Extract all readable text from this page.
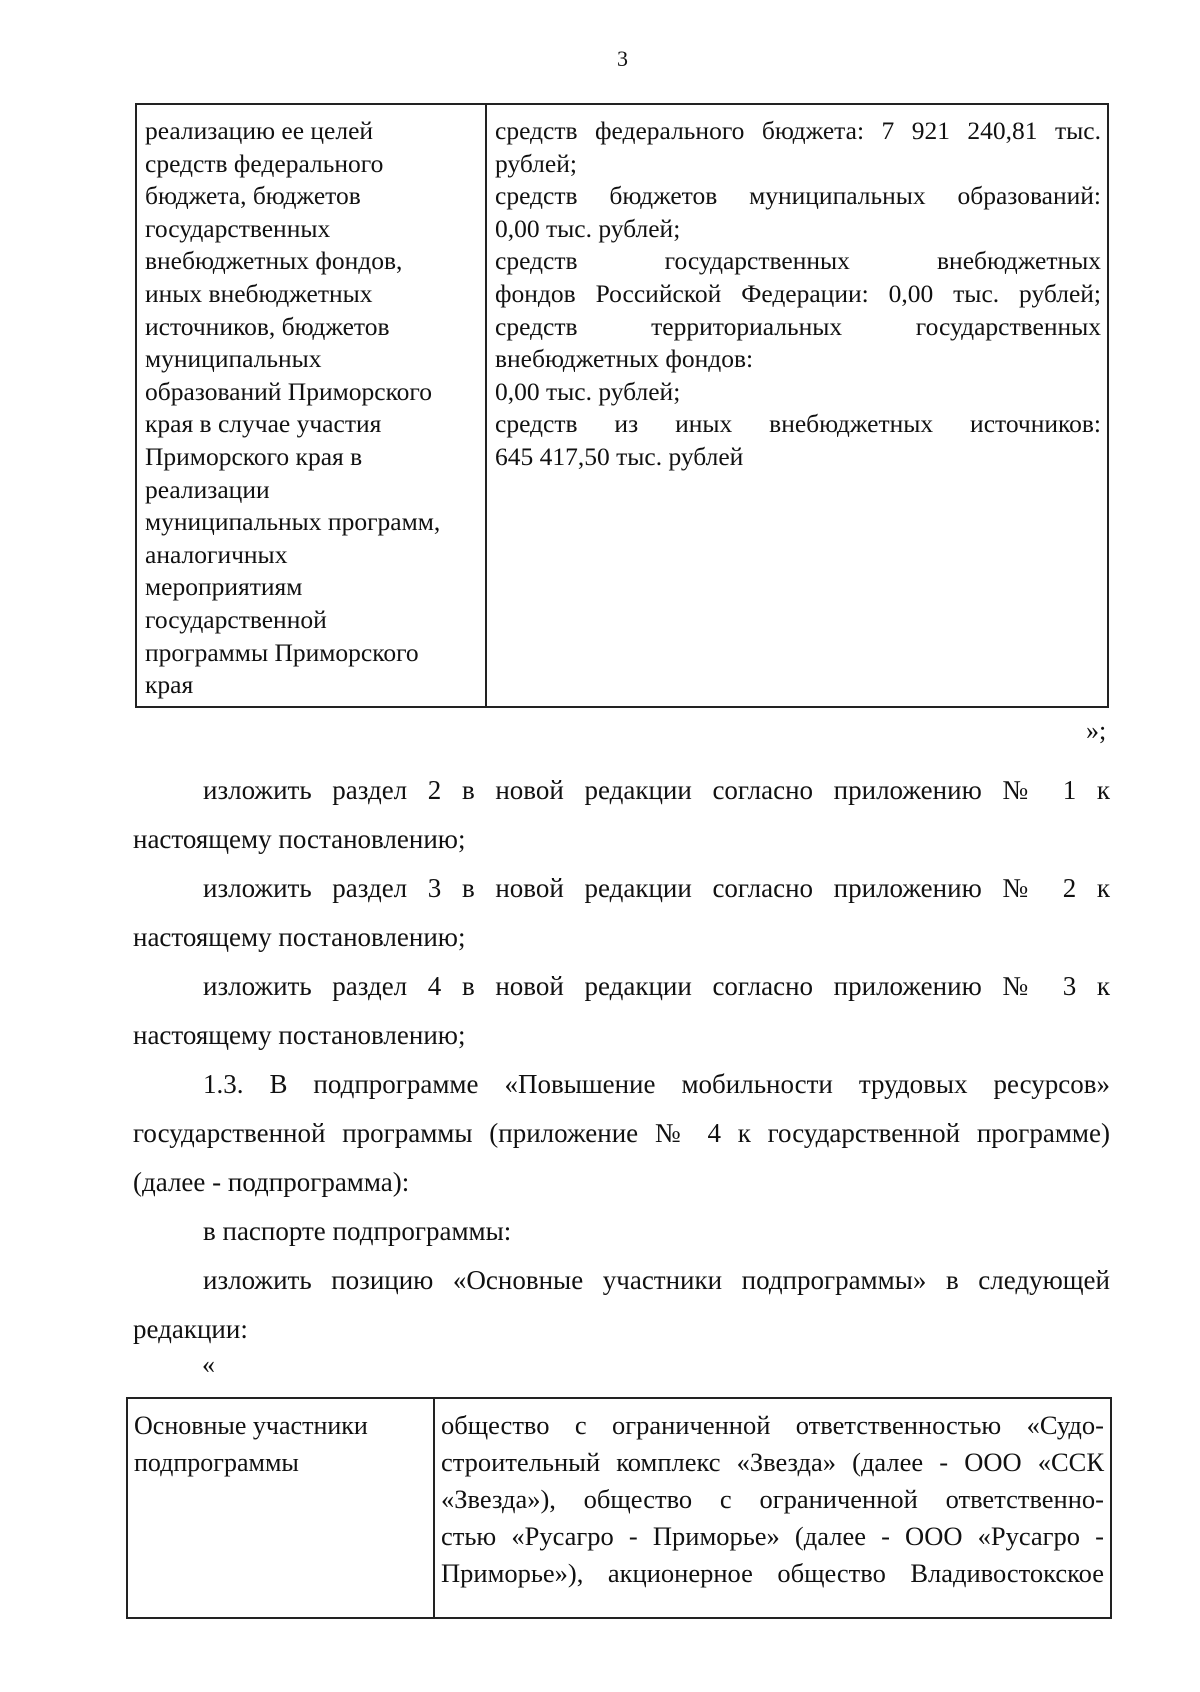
3
реализацию ее целей
средств федерального
бюджета, бюджетов
государственных
внебюджетных фондов,
иных внебюджетных
источников, бюджетов
муниципальных
образований Приморского
края в случае участия
Приморского края в
реализации
муниципальных программ,
аналогичных
мероприятиям
государственной
программы Приморского
края
средств федерального бюджета: 7 921 240,81 тыс.
рублей;
средств бюджетов муниципальных образований:
0,00 тыс. рублей;
средств государственных внебюджетных
фондов Российской Федерации: 0,00 тыс. рублей;
средств территориальных государственных
внебюджетных фондов:
0,00 тыс. рублей;
средств из иных внебюджетных источников:
645 417,50 тыс. рублей
»;

изложить раздел 2 в новой редакции согласно приложению № 1 к
настоящему постановлению;

изложить раздел 3 в новой редакции согласно приложению № 2 к
настоящему постановлению;

изложить раздел 4 в новой редакции согласно приложению № 3 к
настоящему постановлению;

1.3. В подпрограмме «Повышение мобильности трудовых ресурсов»
государственной программы (приложение № 4 к государственной программе)
(далее - подпрограмма):

в паспорте подпрограммы:

изложить позицию «Основные участники подпрограммы» в следующей
редакции:

«
Основные участники
подпрограммы
общество с ограниченной ответственностью «Судо-
строительный комплекс «Звезда» (далее - ООО «ССК
«Звезда»), общество с ограниченной ответственно-
стью «Русагро - Приморье» (далее - ООО «Русагро -
Приморье»), акционерное общество Владивостокское
